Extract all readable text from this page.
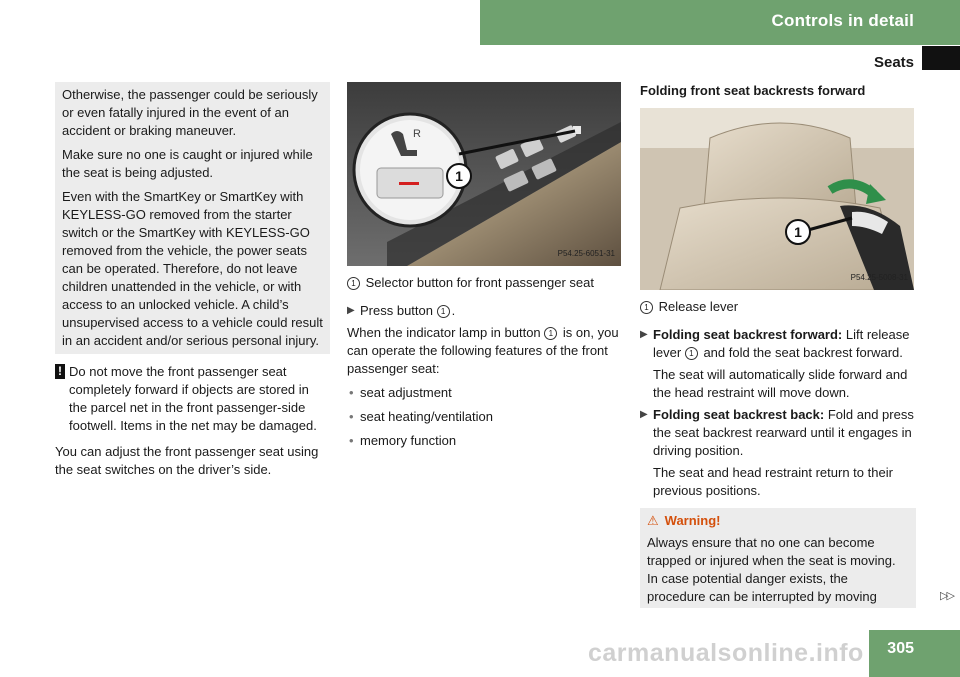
Controls in detail
Seats

Otherwise, the passenger could be seriously or even fatally injured in the event of an accident or braking maneuver.

Make sure no one is caught or injured while the seat is being adjusted.

Even with the SmartKey or SmartKey with KEYLESS-GO removed from the starter switch or the SmartKey with KEYLESS-GO removed from the vehicle, the power seats can be operated. Therefore, do not leave children unattended in the vehicle, or with access to an unlocked vehicle. A child’s unsupervised access to a vehicle could result in an accident and/or serious personal injury.

! Do not move the front passenger seat completely forward if objects are stored in the parcel net in the front passenger-side footwell. Items in the net may be damaged.

You can adjust the front passenger seat using the seat switches on the driver’s side.

R
1
P54.25-6051-31
1 Selector button for front passenger seat
▶ Press button 1 .

When the indicator lamp in button 1 is on, you can operate the following features of the front passenger seat:

• seat adjustment
• seat heating/ventilation
• memory function
Folding front seat backrests forward
1
P54.25-5008-31
1 Release lever
▶ Folding seat backrest forward: Lift release lever 1 and fold the seat backrest forward.

The seat will automatically slide forward and the head restraint will move down.

▶ Folding seat backrest back: Fold and press the seat backrest rearward until it engages in driving position.

The seat and head restraint return to their previous positions.

⚠ Warning!
Always ensure that no one can become trapped or injured when the seat is moving. In case potential danger exists, the procedure can be interrupted by moving	▷▷
305
carmanualsonline.info
